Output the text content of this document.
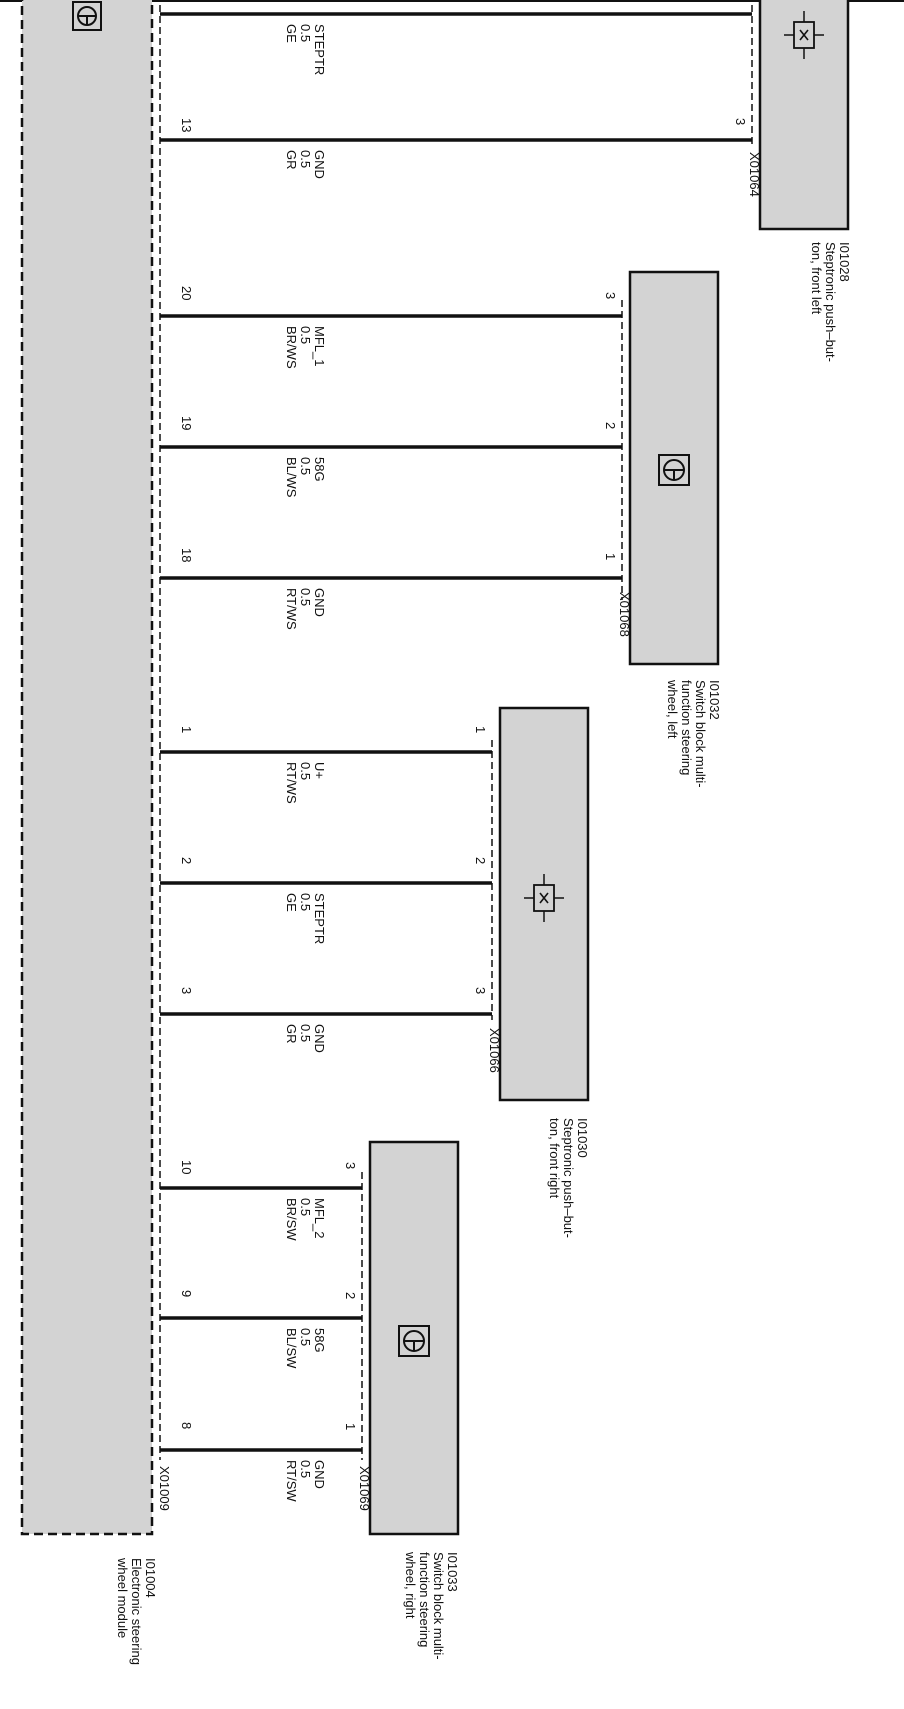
I01004
Electronic steering
wheel module
X01009
3
X01064
I01028
Steptronic push–but-
ton, front left
3
2
1
X01068
I01032
Switch block multi-
function steering
wheel, left
1
2
3
X01066
I01030
Steptronic push–but-
ton, front right
3
2
1
X01069
I01033
Switch block multi-
function steering
wheel, right
STEPTR
0.5
GE
13
GND
0.5
GR
20
MFL_1
0.5
BR/WS
19
58G
0.5
BL/WS
18
GND
0.5
RT/WS
1
U+
0.5
RT/WS
2
STEPTR
0.5
GE
3
GND
0.5
GR
10
MFL_2
0.5
BR/SW
9
58G
0.5
BL/SW
8
GND
0.5
RT/SW
